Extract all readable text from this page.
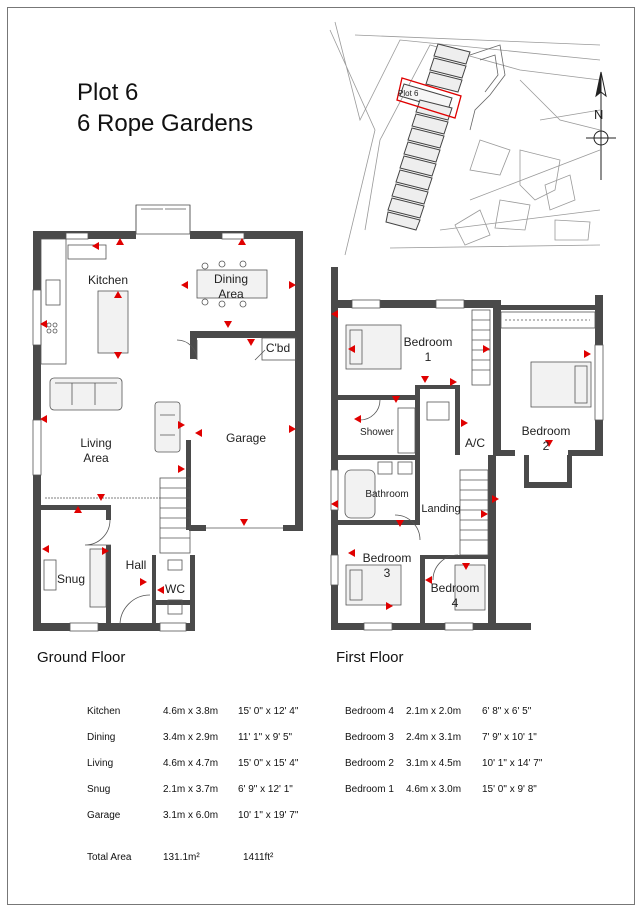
Plot 6
6 Rope Gardens
Plot 6
N
Kitchen	Dining
Area
C'bd
Garage
Living
Area
Snug
Hall
WC
Bedroom
1
Bedroom
2
Shower
A/C
Bathroom
Landing
Bedroom
3
Bedroom
4
Ground Floor	First Floor
Kitchen	4.6m x 3.8m 15' 0" x 12' 4"
Dining	3.4m x 2.9m 11' 1" x 9' 5"
Living	4.6m x 4.7m 15' 0" x 15' 4"
Snug	2.1m x 3.7m 6' 9" x 12' 1"
Garage	3.1m x 6.0m 10' 1" x 19' 7"
Bedroom 4 2.1m x 2.0m 6' 8" x 6' 5"
Bedroom 3 2.4m x 3.1m 7' 9" x 10' 1"
Bedroom 2 3.1m x 4.5m 10' 1" x 14' 7"
Bedroom 1 4.6m x 3.0m 15' 0" x 9' 8"
Total Area	131.1m²	1411ft²
